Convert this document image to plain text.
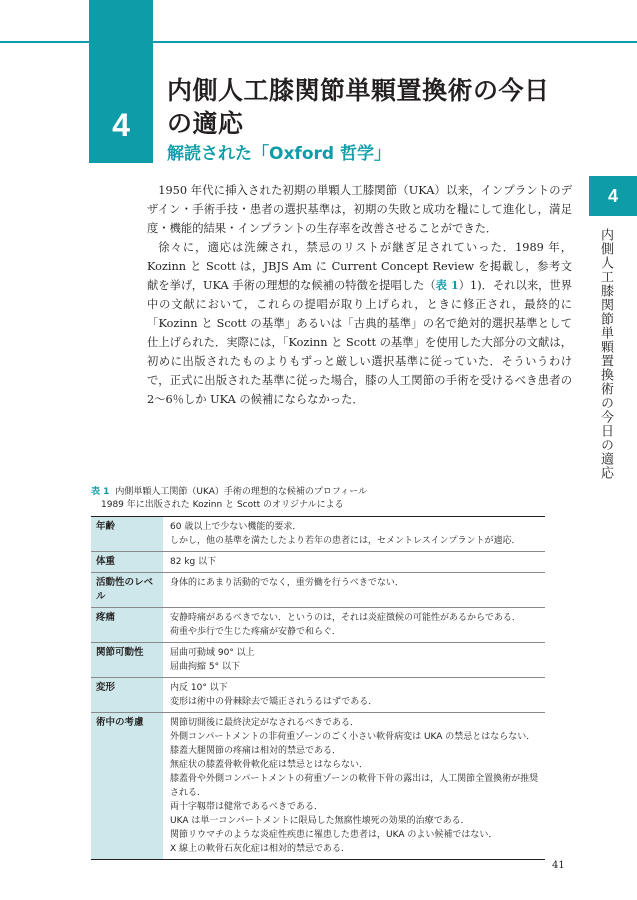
4
内側人工膝関節単顆置換術の今日
の適応
解読された「Oxford 哲学」
4
内側人工膝関節単顆置換術の今日の適応

1950 年代に挿入された初期の単顆人工膝関節（UKA）以来，インプラントのデザイン・手術手技・患者の選択基準は，初期の失敗と成功を糧にして進化し，満足度・機能的結果・インプラントの生存率を改善させることができた．

徐々に，適応は洗練され，禁忌のリストが継ぎ足されていった．1989 年，Kozinn と Scott は，JBJS Am に Current Concept Review を掲載し，参考文献を挙げ，UKA 手術の理想的な候補の特徴を提唱した（表 1）1)．それ以来，世界中の文献において，これらの提唱が取り上げられ，ときに修正され，最終的に「Kozinn と Scott の基準」あるいは「古典的基準」の名で絶対的選択基準として仕上げられた．実際には，「Kozinn と Scott の基準」を使用した大部分の文献は，初めに出版されたものよりもずっと厳しい選択基準に従っていた．そういうわけで，正式に出版された基準に従った場合，膝の人工関節の手術を受けるべき患者の 2〜6％しか UKA の候補にならなかった．

表 1 内側単顆人工関節（UKA）手術の理想的な候補のプロフィール
1989 年に出版された Kozinn と Scott のオリジナルによる
年齢	60 歳以上で少ない機能的要求．
しかし，他の基準を満たしたより若年の患者には，セメントレスインプラントが適応．
体重	82 kg 以下
活動性のレベル
身体的にあまり活動的でなく，重労働を行うべきでない．
疼痛	安静時痛があるべきでない．というのは，それは炎症徴候の可能性があるからである．
荷重や歩行で生じた疼痛が安静で和らぐ．
関節可動性	屈曲可動域 90° 以上
屈曲拘縮 5° 以下
変形	内反 10° 以下
変形は術中の骨棘除去で矯正されうるはずである．
術中の考慮	関節切開後に最終決定がなされるべきである．
外側コンパートメントの非荷重ゾーンのごく小さい軟骨病変は UKA の禁忌とはならない．
膝蓋大腿関節の疼痛は相対的禁忌である．
無症状の膝蓋骨軟骨軟化症は禁忌とはならない．
膝蓋骨や外側コンパートメントの荷重ゾーンの軟骨下骨の露出は，人工関節全置換術が推奨される．
両十字靱帯は健常であるべきである．
UKA は単一コンパートメントに限局した無腐性壊死の効果的治療である．
関節リウマチのような炎症性疾患に罹患した患者は，UKA のよい候補ではない．
X 線上の軟骨石灰化症は相対的禁忌である．
41
